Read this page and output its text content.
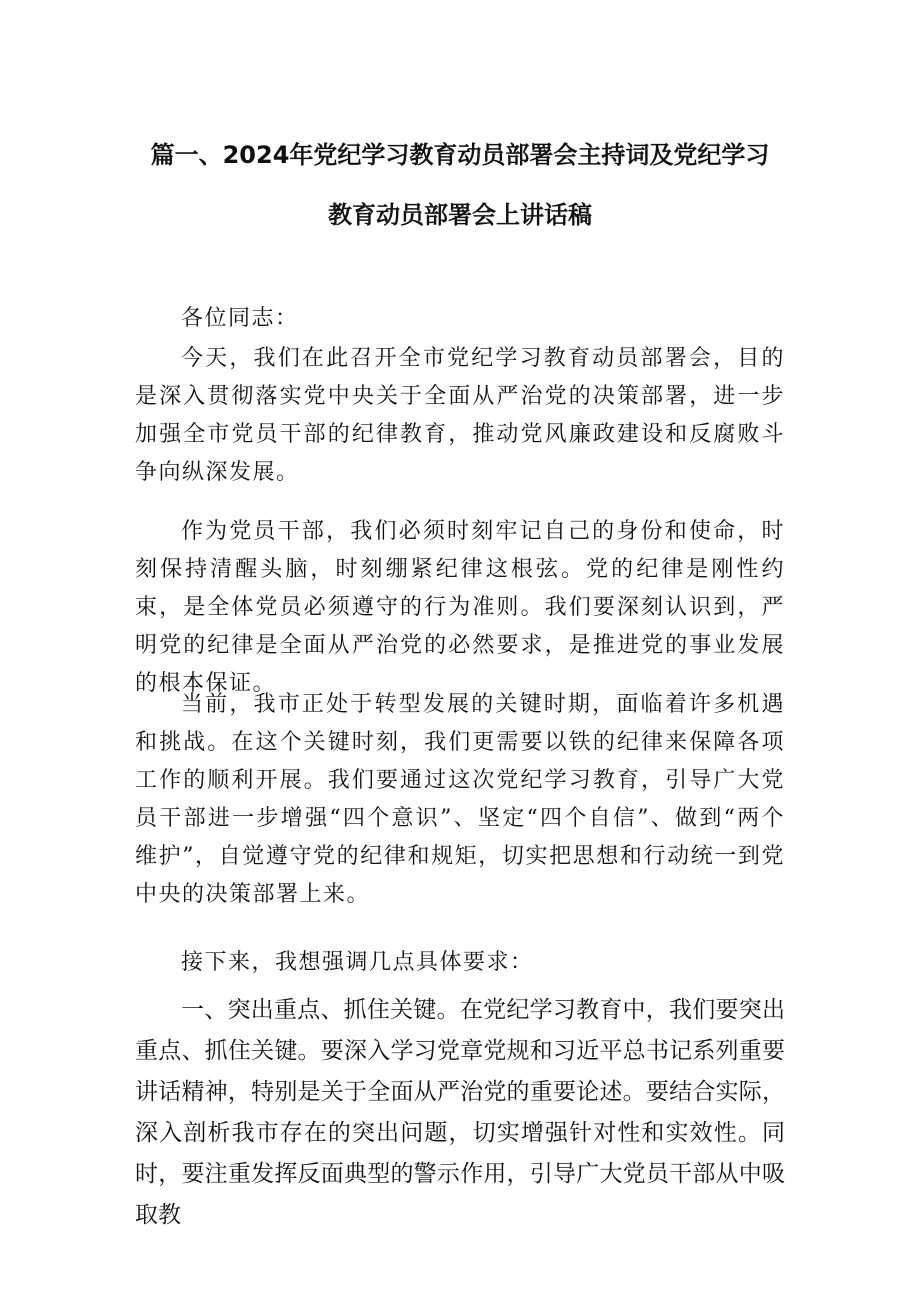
篇一、2024年党纪学习教育动员部署会主持词及党纪学习
教育动员部署会上讲话稿

各位同志：

今天，我们在此召开全市党纪学习教育动员部署会，目的是深入贯彻落实党中央关于全面从严治党的决策部署，进一步加强全市党员干部的纪律教育，推动党风廉政建设和反腐败斗争向纵深发展。

作为党员干部，我们必须时刻牢记自己的身份和使命，时刻保持清醒头脑，时刻绷紧纪律这根弦。党的纪律是刚性约束，是全体党员必须遵守的行为准则。我们要深刻认识到，严明党的纪律是全面从严治党的必然要求，是推进党的事业发展的根本保证。

当前，我市正处于转型发展的关键时期，面临着许多机遇和挑战。在这个关键时刻，我们更需要以铁的纪律来保障各项工作的顺利开展。我们要通过这次党纪学习教育，引导广大党员干部进一步增强“四个意识”、坚定“四个自信”、做到“两个维护”，自觉遵守党的纪律和规矩，切实把思想和行动统一到党中央的决策部署上来。

接下来，我想强调几点具体要求：

一、突出重点、抓住关键。在党纪学习教育中，我们要突出重点、抓住关键。要深入学习党章党规和习近平总书记系列重要讲话精神，特别是关于全面从严治党的重要论述。要结合实际，深入剖析我市存在的突出问题，切实增强针对性和实效性。同时，要注重发挥反面典型的警示作用，引导广大党员干部从中吸取教
